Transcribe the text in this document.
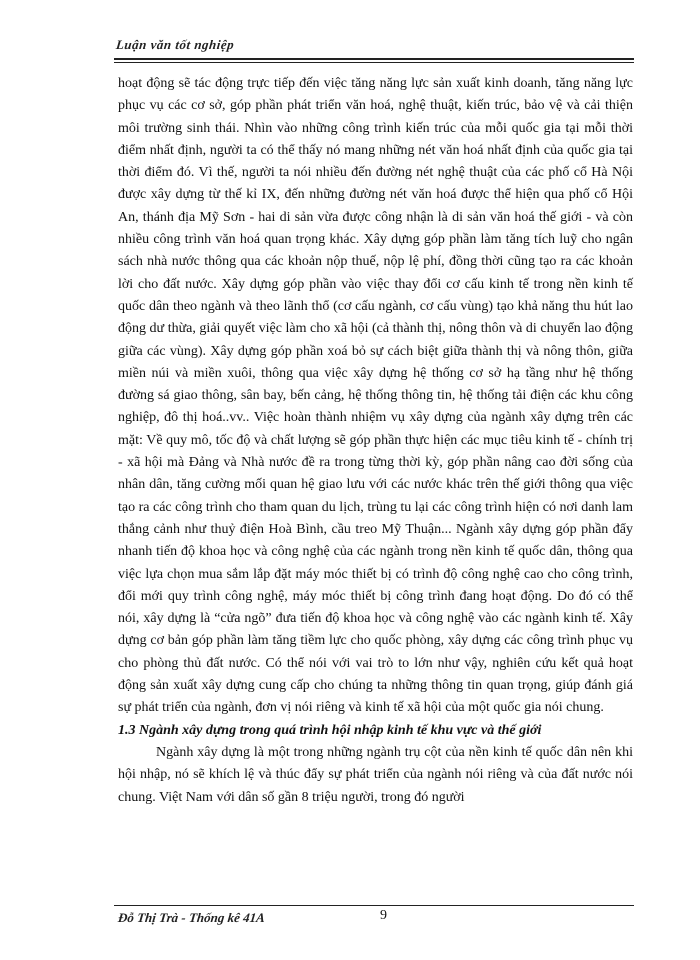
Luận văn tốt nghiệp

hoạt động sẽ tác động trực tiếp đến việc tăng năng lực sản xuất kinh doanh, tăng năng lực phục vụ các cơ sở, góp phần phát triển văn hoá, nghệ thuật, kiến trúc, bảo vệ và cải thiện môi trường sinh thái. Nhìn vào những công trình kiến trúc của mỗi quốc gia tại mỗi thời điểm nhất định, người ta có thể thấy nó mang những nét văn hoá nhất định của quốc gia tại thời điểm đó. Vì thế, người ta nói nhiều đến đường nét nghệ thuật của các phố cổ Hà Nội được xây dựng từ thế kỉ IX, đến những đường nét văn hoá được thể hiện qua phố cổ Hội An, thánh địa Mỹ Sơn - hai di sản vừa được công nhận là di sản văn hoá thế giới - và còn nhiều công trình văn hoá quan trọng khác. Xây dựng góp phần làm tăng tích luỹ cho ngân sách nhà nước thông qua các khoản nộp thuế, nộp lệ phí, đồng thời cũng tạo ra các khoản lời cho đất nước. Xây dựng góp phần vào việc thay đổi cơ cấu kinh tế trong nền kinh tế quốc dân theo ngành và theo lãnh thổ (cơ cấu ngành, cơ cấu vùng) tạo khả năng thu hút lao động dư thừa, giải quyết việc làm cho xã hội (cả thành thị, nông thôn và di chuyển lao động giữa các vùng). Xây dựng góp phần xoá bỏ sự cách biệt giữa thành thị và nông thôn, giữa miền núi và miền xuôi, thông qua việc xây dựng hệ thống cơ sở hạ tầng như hệ thống đường sá giao thông, sân bay, bến cảng, hệ thống thông tin, hệ thống tải điện các khu công nghiệp, đô thị hoá..vv.. Việc hoàn thành nhiệm vụ xây dựng của ngành xây dựng trên các mặt: Về quy mô, tốc độ và chất lượng sẽ góp phần thực hiện các mục tiêu kinh tế - chính trị - xã hội mà Đảng và Nhà nước đề ra trong từng thời kỳ, góp phần nâng cao đời sống của nhân dân, tăng cường mối quan hệ giao lưu với các nước khác trên thế giới thông qua việc tạo ra các công trình cho tham quan du lịch, trùng tu lại các công trình hiện có nơi danh lam thắng cảnh như thuỷ điện Hoà Bình, cầu treo Mỹ Thuận... Ngành xây dựng góp phần đẩy nhanh tiến độ khoa học và công nghệ của các ngành trong nền kinh tế quốc dân, thông qua việc lựa chọn mua sắm lắp đặt máy móc thiết bị có trình độ công nghệ cao cho công trình, đổi mới quy trình công nghệ, máy móc thiết bị công trình đang hoạt động. Do đó có thể nói, xây dựng là “cửa ngõ” đưa tiến độ khoa học và công nghệ vào các ngành kinh tế. Xây dựng cơ bản góp phần làm tăng tiềm lực cho quốc phòng, xây dựng các công trình phục vụ cho phòng thủ đất nước. Có thể nói với vai trò to lớn như vậy, nghiên cứu kết quả hoạt động sản xuất xây dựng cung cấp cho chúng ta những thông tin quan trọng, giúp đánh giá sự phát triển của ngành, đơn vị nói riêng và kinh tế xã hội của một quốc gia nói chung.

1.3 Ngành xây dựng trong quá trình hội nhập kinh tế khu vực và thế giới

Ngành xây dựng là một trong những ngành trụ cột của nền kinh tế quốc dân nên khi hội nhập, nó sẽ khích lệ và thúc đẩy sự phát triển của ngành nói riêng và của đất nước nói chung. Việt Nam với dân số gần 8 triệu người, trong đó người

Đỗ Thị Trà - Thống kê 41A	9
